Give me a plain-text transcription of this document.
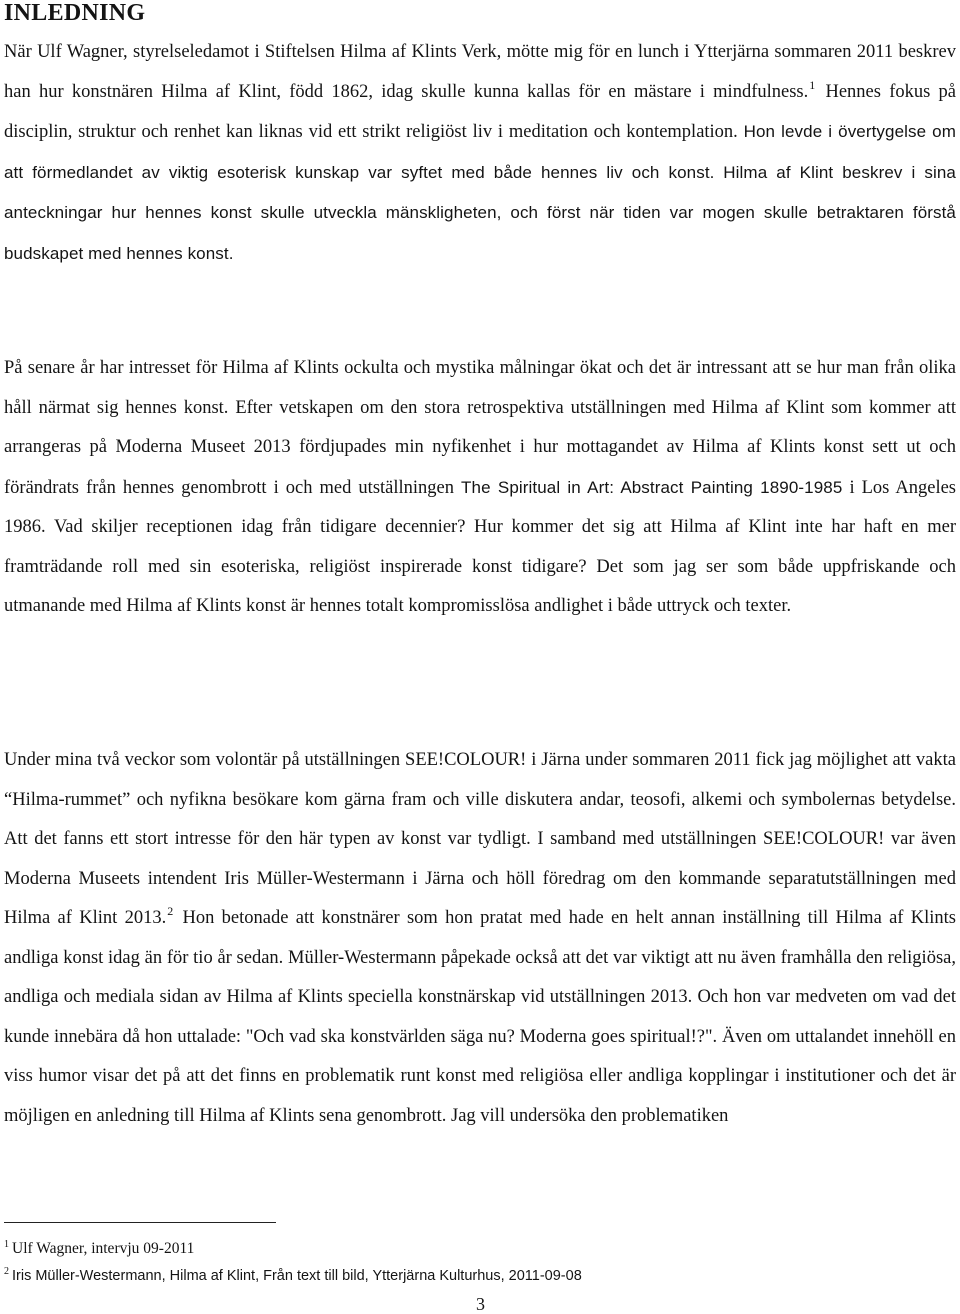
INLEDNING

När Ulf Wagner, styrelseledamot i Stiftelsen Hilma af Klints Verk, mötte mig för en lunch i Ytterjärna sommaren 2011 beskrev han hur konstnären Hilma af Klint, född 1862, idag skulle kunna kallas för en mästare i mindfulness.$^1$ Hennes fokus på disciplin, struktur och renhet kan liknas vid ett strikt religiöst liv i meditation och kontemplation. Hon levde i övertygelse om att förmedlandet av viktig esoterisk kunskap var syftet med både hennes liv och konst. Hilma af Klint beskrev i sina anteckningar hur hennes konst skulle utveckla mänskligheten, och först när tiden var mogen skulle betraktaren förstå budskapet med hennes konst.

På senare år har intresset för Hilma af Klints ockulta och mystika målningar ökat och det är intressant att se hur man från olika håll närmat sig hennes konst. Efter vetskapen om den stora retrospektiva utställningen med Hilma af Klint som kommer att arrangeras på Moderna Museet 2013 fördjupades min nyfikenhet i hur mottagandet av Hilma af Klints konst sett ut och förändrats från hennes genombrott i och med utställningen The Spiritual in Art: Abstract Painting 1890-1985 i Los Angeles 1986. Vad skiljer receptionen idag från tidigare decennier? Hur kommer det sig att Hilma af Klint inte har haft en mer framträdande roll med sin esoteriska, religiöst inspirerade konst tidigare? Det som jag ser som både uppfriskande och utmanande med Hilma af Klints konst är hennes totalt kompromisslösa andlighet i både uttryck och texter.

Under mina två veckor som volontär på utställningen SEE!COLOUR! i Järna under sommaren 2011 fick jag möjlighet att vakta “Hilma-rummet” och nyfikna besökare kom gärna fram och ville diskutera andar, teosofi, alkemi och symbolernas betydelse. Att det fanns ett stort intresse för den här typen av konst var tydligt. I samband med utställningen SEE!COLOUR! var även Moderna Museets intendent Iris Müller-Westermann i Järna och höll föredrag om den kommande separatutställningen med Hilma af Klint 2013.$^2$ Hon betonade att konstnärer som hon pratat med hade en helt annan inställning till Hilma af Klints andliga konst idag än för tio år sedan. Müller-Westermann påpekade också att det var viktigt att nu även framhålla den religiösa, andliga och mediala sidan av Hilma af Klints speciella konstnärskap vid utställningen 2013. Och hon var medveten om vad det kunde innebära då hon uttalade: "Och vad ska konstvärlden säga nu? Moderna goes spiritual!?". Även om uttalandet innehöll en viss humor visar det på att det finns en problematik runt konst med religiösa eller andliga kopplingar i institutioner och det är möjligen en anledning till Hilma af Klints sena genombrott. Jag vill undersöka den problematiken

$^1$ Ulf Wagner, intervju 09-2011
$^2$ Iris Müller-Westermann, Hilma af Klint, Från text till bild, Ytterjärna Kulturhus, 2011-09-08
3
